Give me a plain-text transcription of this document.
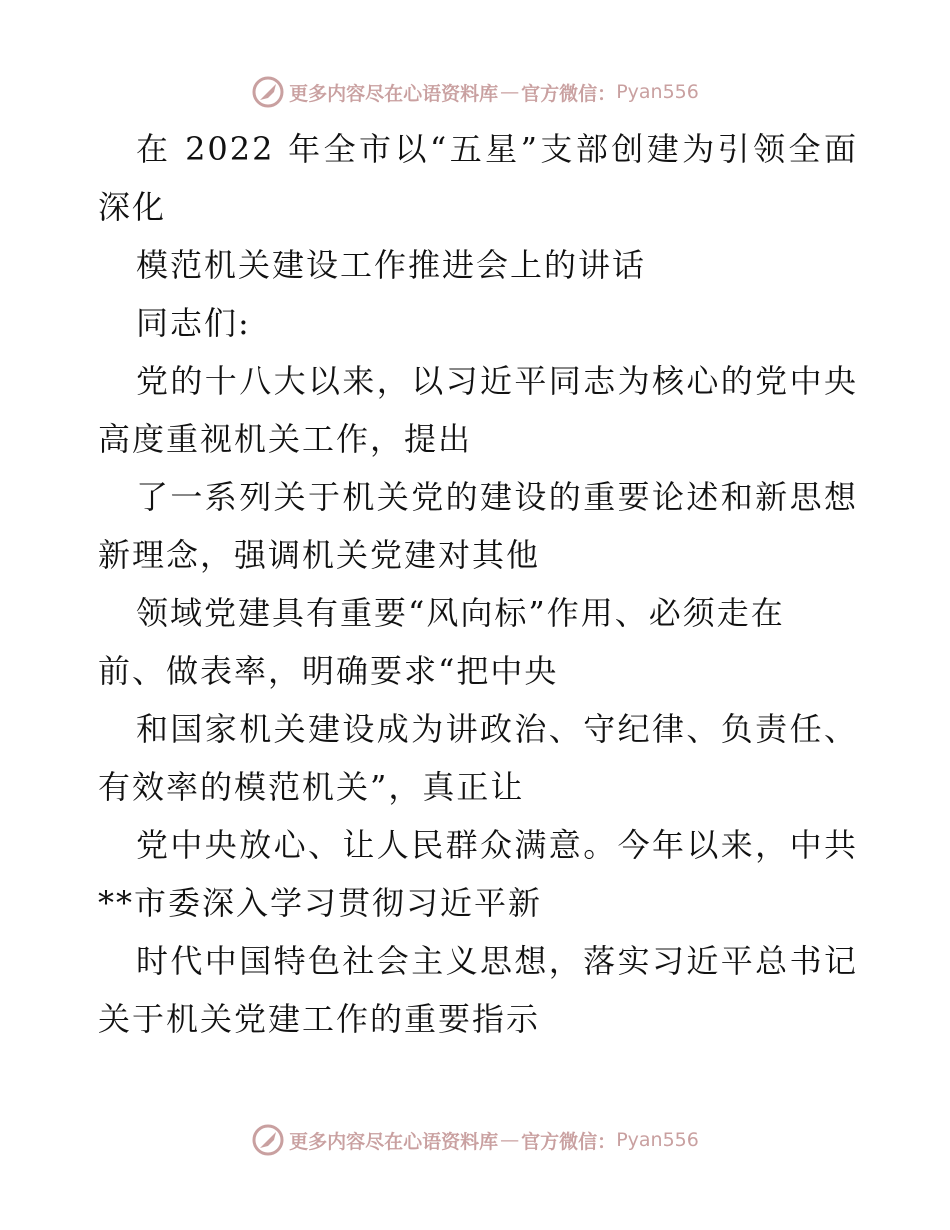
更多内容尽在心语资料库 — 官方微信： Pyan556
在 2022 年全市以“五星”支部创建为引领全面
深化
模范机关建设工作推进会上的讲话
同志们:
党的十八大以来，以习近平同志为核心的党中央
高度重视机关工作，提出
了一系列关于机关党的建设的重要论述和新思想
新理念，强调机关党建对其他
领域党建具有重要“风向标”作用、必须走在
前、做表率，明确要求“把中央
和国家机关建设成为讲政治、守纪律、负责任、
有效率的模范机关”，真正让
党中央放心、让人民群众满意。今年以来，中共
**市委深入学习贯彻习近平新
时代中国特色社会主义思想，落实习近平总书记
关于机关党建工作的重要指示
更多内容尽在心语资料库 — 官方微信： Pyan556
